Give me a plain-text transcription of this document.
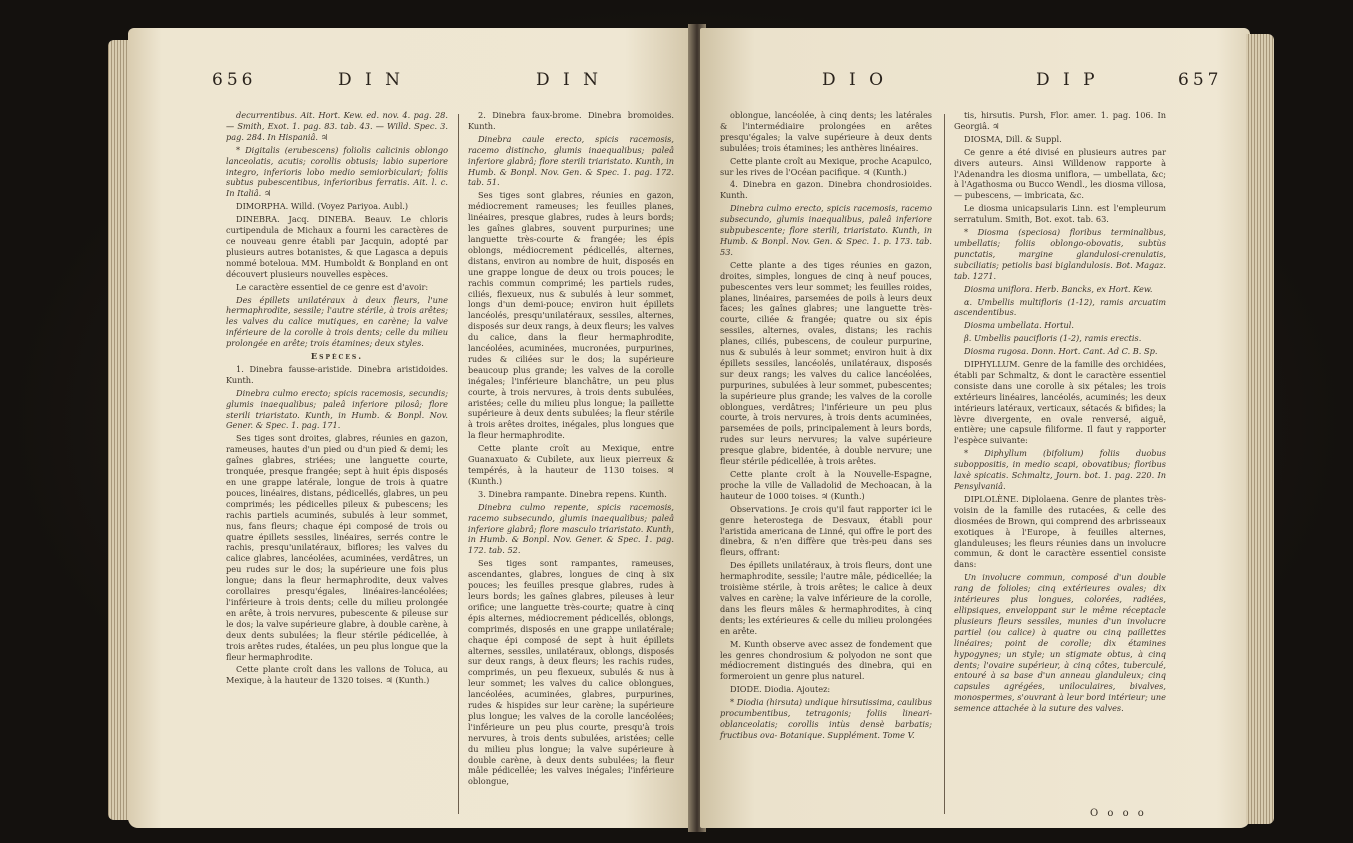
656	D I N	D I N

decurrentibus. Ait. Hort. Kew. ed. nov. 4. pag. 28. — Smith, Exot. 1. pag. 83. tab. 43. — Willd. Spec. 3. pag. 284. In Hispaniâ. ♃

* Digitalis (erubescens) foliolis calicinis oblongo lanceolatis, acutis; corollis obtusis; labio superiore integro, inferioris lobo medio semiorbiculari; foliis subtus pubescentibus, inferioribus ferratis. Ait. l. c. In Italiâ. ♃

DIMORPHA. Willd. (Voyez Pariyoa. Aubl.)

DINEBRA. Jacq. DINEBA. Beauv. Le chloris curtipendula de Michaux a fourni les caractères de ce nouveau genre établi par Jacquin, adopté par plusieurs autres botanistes, & que Lagasca a depuis nommé boteloua. MM. Humboldt & Bonpland en ont découvert plusieurs nouvelles espèces.

Le caractère essentiel de ce genre est d'avoir:

Des épillets unilatéraux à deux fleurs, l'une hermaphrodite, sessile; l'autre stérile, à trois arêtes; les valves du calice mutiques, en carène; la valve inférieure de la corolle à trois dents; celle du milieu prolongée en arête; trois étamines; deux styles.

Espèces.

1. Dinebra fausse-aristide. Dinebra aristidoides. Kunth.

Dinebra culmo erecto; spicis racemosis, secundis; glumis inaequalibus; paleâ inferiore pilosâ; flore sterili triaristato. Kunth, in Humb. & Bonpl. Nov. Gener. & Spec. 1. pag. 171.

Ses tiges sont droites, glabres, réunies en gazon, rameuses, hautes d'un pied ou d'un pied & demi; les gaînes glabres, striées; une languette courte, tronquée, presque frangée; sept à huit épis disposés en une grappe latérale, longue de trois à quatre pouces, linéaires, distans, pédicellés, glabres, un peu comprimés; les pédicelles pileux & pubescens; les rachis partiels acuminés, subulés à leur sommet, nus, fans fleurs; chaque épi composé de trois ou quatre épillets sessiles, linéaires, serrés contre le rachis, presqu'unilatéraux, biflores; les valves du calice glabres, lancéolées, acuminées, verdâtres, un peu rudes sur le dos; la supérieure une fois plus longue; dans la fleur hermaphrodite, deux valves corollaires presqu'égales, linéaires-lancéolées; l'inférieure à trois dents; celle du milieu prolongée en arête, à trois nervures, pubescente & pileuse sur le dos; la valve supérieure glabre, à double carène, à deux dents subulées; la fleur stérile pédicellée, à trois arêtes rudes, étalées, un peu plus longue que la fleur hermaphrodite.

Cette plante croît dans les vallons de Toluca, au Mexique, à la hauteur de 1320 toises. ♃ (Kunth.)

2. Dinebra faux-brome. Dinebra bromoides. Kunth.

Dinebra caule erecto, spicis racemosis, racemo distincho, glumis inaequalibus; paleâ inferiore glabrâ; flore sterili triaristato. Kunth, in Humb. & Bonpl. Nov. Gen. & Spec. 1. pag. 172. tab. 51.

Ses tiges sont glabres, réunies en gazon, médiocrement rameuses; les feuilles planes, linéaires, presque glabres, rudes à leurs bords; les gaînes glabres, souvent purpurines; une languette très-courte & frangée; les épis oblongs, médiocrement pédicellés, alternes, distans, environ au nombre de huit, disposés en une grappe longue de deux ou trois pouces; le rachis commun comprimé; les partiels rudes, ciliés, flexueux, nus & subulés à leur sommet, longs d'un demi-pouce; environ huit épillets lancéolés, presqu'unilatéraux, sessiles, alternes, disposés sur deux rangs, à deux fleurs; les valves du calice, dans la fleur hermaphrodite, lancéolées, acuminées, mucronées, purpurines, rudes & ciliées sur le dos; la supérieure beaucoup plus grande; les valves de la corolle inégales; l'inférieure blanchâtre, un peu plus courte, à trois nervures, à trois dents subulées, aristées; celle du milieu plus longue; la paillette supérieure à deux dents subulées; la fleur stérile à trois arêtes droites, inégales, plus longues que la fleur hermaphrodite.

Cette plante croît au Mexique, entre Guanaxuato & Cubilete, aux lieux pierreux & tempérés, à la hauteur de 1130 toises. ♃ (Kunth.)

3. Dinebra rampante. Dinebra repens. Kunth.

Dinebra culmo repente, spicis racemosis, racemo subsecundo, glumis inaequalibus; paleâ inferiore glabrâ; flore masculo triaristato. Kunth, in Humb. & Bonpl. Nov. Gener. & Spec. 1. pag. 172. tab. 52.

Ses tiges sont rampantes, rameuses, ascendantes, glabres, longues de cinq à six pouces; les feuilles presque glabres, rudes à leurs bords; les gaînes glabres, pileuses à leur orifice; une languette très-courte; quatre à cinq épis alternes, médiocrement pédicellés, oblongs, comprimés, disposés en une grappe unilatérale; chaque épi composé de sept à huit épillets alternes, sessiles, unilatéraux, oblongs, disposés sur deux rangs, à deux fleurs; les rachis rudes, comprimés, un peu flexueux, subulés & nus à leur sommet; les valves du calice oblongues, lancéolées, acuminées, glabres, purpurines, rudes & hispides sur leur carène; la supérieure plus longue; les valves de la corolle lancéolées; l'inférieure un peu plus courte, presqu'à trois nervures, à trois dents subulées, aristées; celle du milieu plus longue; la valve supérieure à double carène, à deux dents subulées; la fleur mâle pédicellée; les valves inégales; l'inférieure oblongue,

D I O	D I P	657

oblongue, lancéolée, à cinq dents; les latérales & l'intermédiaire prolongées en arêtes presqu'égales; la valve supérieure à deux dents subulées; trois étamines; les anthères linéaires.

Cette plante croît au Mexique, proche Acapulco, sur les rives de l'Océan pacifique. ♃ (Kunth.)

4. Dinebra en gazon. Dinebra chondrosioides. Kunth.

Dinebra culmo erecto, spicis racemosis, racemo subsecundo, glumis inaequalibus, paleâ inferiore subpubescente; flore sterili, triaristato. Kunth, in Humb. & Bonpl. Nov. Gen. & Spec. 1. p. 173. tab. 53.

Cette plante a des tiges réunies en gazon, droites, simples, longues de cinq à neuf pouces, pubescentes vers leur sommet; les feuilles roides, planes, linéaires, parsemées de poils à leurs deux faces; les gaînes glabres; une languette très-courte, ciliée & frangée; quatre ou six épis sessiles, alternes, ovales, distans; les rachis planes, ciliés, pubescens, de couleur purpurine, nus & subulés à leur sommet; environ huit à dix épillets sessiles, lancéolés, unilatéraux, disposés sur deux rangs; les valves du calice lancéolées, purpurines, subulées à leur sommet, pubescentes; la supérieure plus grande; les valves de la corolle oblongues, verdâtres; l'inférieure un peu plus courte, à trois nervures, à trois dents acuminées, parsemées de poils, principalement à leurs bords, rudes sur leurs nervures; la valve supérieure presque glabre, bidentée, à double nervure; une fleur stérile pédicellée, à trois arêtes.

Cette plante croît à la Nouvelle-Espagne, proche la ville de Valladolid de Mechoacan, à la hauteur de 1000 toises. ♃ (Kunth.)

Observations. Je crois qu'il faut rapporter ici le genre heterostega de Desvaux, établi pour l'aristida americana de Linné, qui offre le port des dinebra, & n'en diffère que très-peu dans ses fleurs, offrant:

Des épillets unilatéraux, à trois fleurs, dont une hermaphrodite, sessile; l'autre mâle, pédicellée; la troisième stérile, à trois arêtes; le calice à deux valves en carène; la valve inférieure de la corolle, dans les fleurs mâles & hermaphrodites, à cinq dents; les extérieures & celle du milieu prolongées en arête.

M. Kunth observe avec assez de fondement que les genres chondrosium & polyodon ne sont que médiocrement distingués des dinebra, qui en formeroient un genre plus naturel.

DIODE. Diodia. Ajoutez:

* Diodia (hirsuta) undique hirsutissima, caulibus procumbentibus, tetragonis; foliis lineari-oblanceolatis; corollis intùs densè barbatis; fructibus ova- Botanique. Supplément. Tome V.

tis, hirsutis. Pursh, Flor. amer. 1. pag. 106. In Georgiâ. ♃

DIOSMA, Dill. & Suppl.

Ce genre a été divisé en plusieurs autres par divers auteurs. Ainsi Willdenow rapporte à l'Adenandra les diosma uniflora, — umbellata, &c; à l'Agathosma ou Bucco Wendl., les diosma villosa, — pubescens, — imbricata, &c.

Le diosma unicapsularis Linn. est l'empleurum serratulum. Smith, Bot. exot. tab. 63.

* Diosma (speciosa) floribus terminalibus, umbellatis; foliis oblongo-obovatis, subtùs punctatis, margine glandulosi-crenulatis, subciliatis; petiolis basi biglandulosis. Bot. Magaz. tab. 1271.

Diosma uniflora. Herb. Bancks, ex Hort. Kew.

α. Umbellis multifloris (1-12), ramis arcuatim ascendentibus.

Diosma umbellata. Hortul.

β. Umbellis paucifloris (1-2), ramis erectis.

Diosma rugosa. Donn. Hort. Cant. Ad C. B. Sp.

DIPHYLLUM. Genre de la famille des orchidées, établi par Schmaltz, & dont le caractère essentiel consiste dans une corolle à six pétales; les trois extérieurs linéaires, lancéolés, acuminés; les deux intérieurs latéraux, verticaux, sétacés & bifides; la lèvre divergente, en ovale renversé, aiguë, entière; une capsule filiforme. Il faut y rapporter l'espèce suivante:

* Diphyllum (bifolium) foliis duobus suboppositis, in medio scapi, obovatibus; floribus laxè spicatis. Schmaltz, Journ. bot. 1. pag. 220. In Pensylvaniâ.

DIPLOLÈNE. Diplolaena. Genre de plantes très-voisin de la famille des rutacées, & celle des diosmées de Brown, qui comprend des arbrisseaux exotiques à l'Europe, à feuilles alternes, glanduleuses; les fleurs réunies dans un involucre commun, & dont le caractère essentiel consiste dans:

Un involucre commun, composé d'un double rang de folioles; cinq extérieures ovales; dix intérieures plus longues, colorées, radiées, ellipsiques, enveloppant sur le même réceptacle plusieurs fleurs sessiles, munies d'un involucre partiel (ou calice) à quatre ou cinq paillettes linéaires; point de corolle; dix étamines hypogynes; un style; un stigmate obtus, à cinq dents; l'ovaire supérieur, à cinq côtes, tuberculé, entouré à sa base d'un anneau glanduleux; cinq capsules agrégées, uniloculaires, bivalves, monospermes, s'ouvrant à leur bord intérieur; une semence attachée à la suture des valves.

O o o o
